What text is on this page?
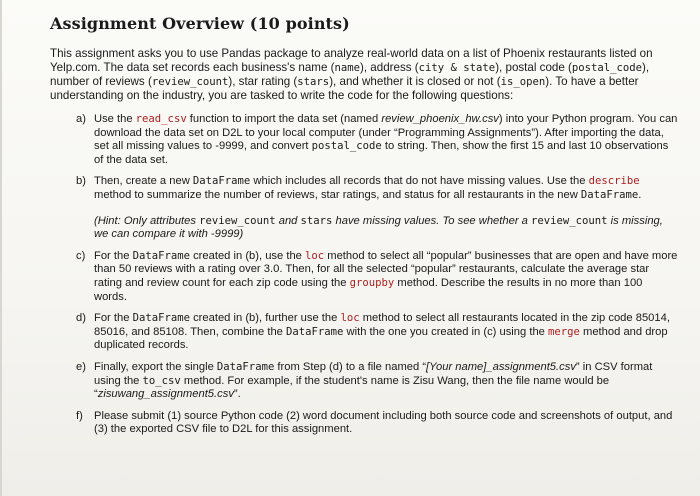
Assignment Overview (10 points)

This assignment asks you to use Pandas package to analyze real-world data on a list of Phoenix restaurants listed on Yelp.com. The data set records each business's name (name), address (city & state), postal code (postal_code), number of reviews (review_count), star rating (stars), and whether it is closed or not (is_open). To have a better understanding on the industry, you are tasked to write the code for the following questions:

a) Use the read_csv function to import the data set (named review_phoenix_hw.csv) into your Python program. You can download the data set on D2L to your local computer (under “Programming Assignments”). After importing the data, set all missing values to -9999, and convert postal_code to string. Then, show the first 15 and last 10 observations of the data set.
b) Then, create a new DataFrame which includes all records that do not have missing values. Use the describe method to summarize the number of reviews, star ratings, and status for all restaurants in the new DataFrame.
(Hint: Only attributes review_count and stars have missing values. To see whether a review_count is missing, we can compare it with -9999)
c) For the DataFrame created in (b), use the loc method to select all “popular” businesses that are open and have more than 50 reviews with a rating over 3.0. Then, for all the selected “popular” restaurants, calculate the average star rating and review count for each zip code using the groupby method. Describe the results in no more than 100 words.
d) For the DataFrame created in (b), further use the loc method to select all restaurants located in the zip code 85014, 85016, and 85108. Then, combine the DataFrame with the one you created in (c) using the merge method and drop duplicated records.
e) Finally, export the single DataFrame from Step (d) to a file named “[Your name]_assignment5.csv” in CSV format using the to_csv method. For example, if the student's name is Zisu Wang, then the file name would be “zisuwang_assignment5.csv”.
f) Please submit (1) source Python code (2) word document including both source code and screenshots of output, and (3) the exported CSV file to D2L for this assignment.
